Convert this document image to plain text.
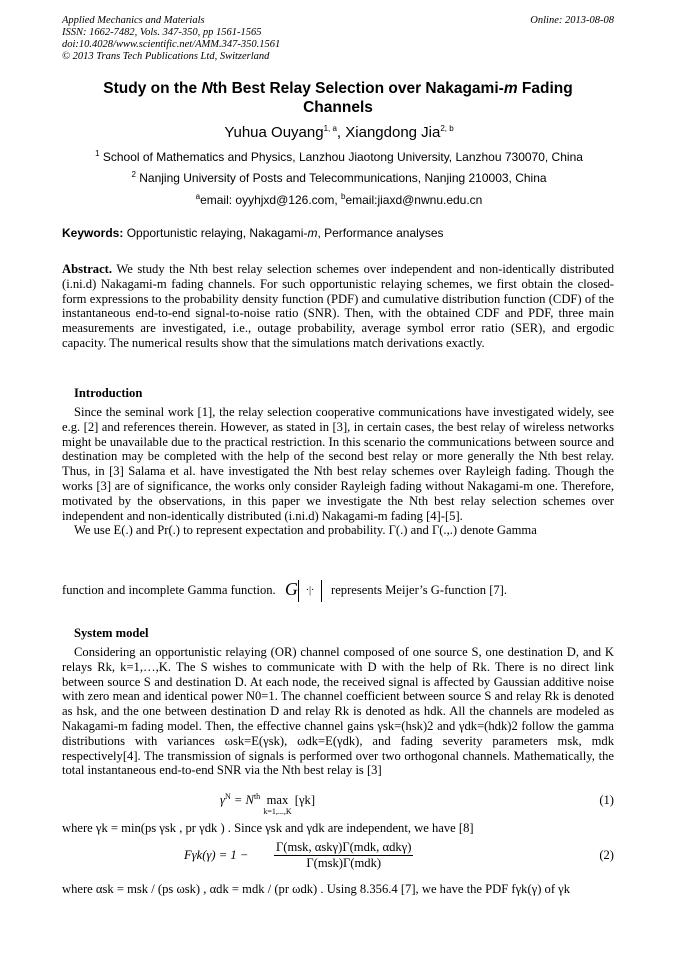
Applied Mechanics and Materials
ISSN: 1662-7482, Vols. 347-350, pp 1561-1565
doi:10.4028/www.scientific.net/AMM.347-350.1561
© 2013 Trans Tech Publications Ltd, Switzerland
Online: 2013-08-08
Study on the Nth Best Relay Selection over Nakagami-m Fading
Channels
Yuhua Ouyang$^{1, a}$, Xiangdong Jia$^{2, b}$
$^1$ School of Mathematics and Physics, Lanzhou Jiaotong University, Lanzhou 730070, China
$^2$ Nanjing University of Posts and Telecommunications, Nanjing 210003, China
$^a$email: oyyhjxd@126.com, $^b$email:jiaxd@nwnu.edu.cn
Keywords: Opportunistic relaying, Nakagami-m, Performance analyses

Abstract. We study the Nth best relay selection schemes over independent and non-identically distributed (i.ni.d) Nakagami-m fading channels. For such opportunistic relaying schemes, we first obtain the closed-form expressions to the probability density function (PDF) and cumulative distribution function (CDF) of the instantaneous end-to-end signal-to-noise ratio (SNR). Then, with the obtained CDF and PDF, three main measurements are investigated, i.e., outage probability, average symbol error ratio (SER), and ergodic capacity. The numerical results show that the simulations match derivations exactly.

Introduction

Since the seminal work [1], the relay selection cooperative communications have investigated widely, see e.g. [2] and references therein. However, as stated in [3], in certain cases, the best relay of wireless networks might be unavailable due to the practical restriction. In this scenario the communications between source and destination may be completed with the help of the second best relay or more generally the Nth best relay. Thus, in [3] Salama et al. have investigated the Nth best relay schemes over Rayleigh fading. Though the works [3] are of significance, the works only consider Rayleigh fading without Nakagami-m one. Therefore, motivated by the observations, in this paper we investigate the Nth best relay selection schemes over independent and non-identically distributed (i.ni.d) Nakagami-m fading [4]-[5].

We use E(.) and Pr(.) to represent expectation and probability. Γ(.) and Γ(.,.) denote Gamma

function and incomplete Gamma function. G ·|· represents Meijer’s G-function [7].
System model

Considering an opportunistic relaying (OR) channel composed of one source S, one destination D, and K relays Rk, k=1,…,K. The S wishes to communicate with D with the help of Rk. There is no direct link between source S and destination D. At each node, the received signal is affected by Gaussian additive noise with zero mean and identical power N0=1. The channel coefficient between source S and relay Rk is denoted as hsk, and the one between destination D and relay Rk is denoted as hdk. All the channels are modeled as Nakagami-m fading model. Then, the effective channel gains γsk=(hsk)2 and γdk=(hdk)2 follow the gamma distributions with variances ωsk=E(γsk), ωdk=E(γdk), and fading severity parameters msk, mdk respectively[4]. The transmission of signals is performed over two orthogonal channels. Mathematically, the total instantaneous end-to-end SNR via the Nth best relay is [3]

$\gamma^N = N^{th}$ max
k=1,...,K
[γk]	(1)

where γk = min(ps γsk , pr γdk ) . Since γsk and γdk are independent, we have [8]

Fγk(γ) = 1 −
Γ(msk, αskγ)Γ(mdk, αdkγ)
Γ(msk)Γ(mdk)
(2)

where αsk = msk / (ps ωsk) , αdk = mdk / (pr ωdk) . Using 8.356.4 [7], we have the PDF fγk(γ) of γk
